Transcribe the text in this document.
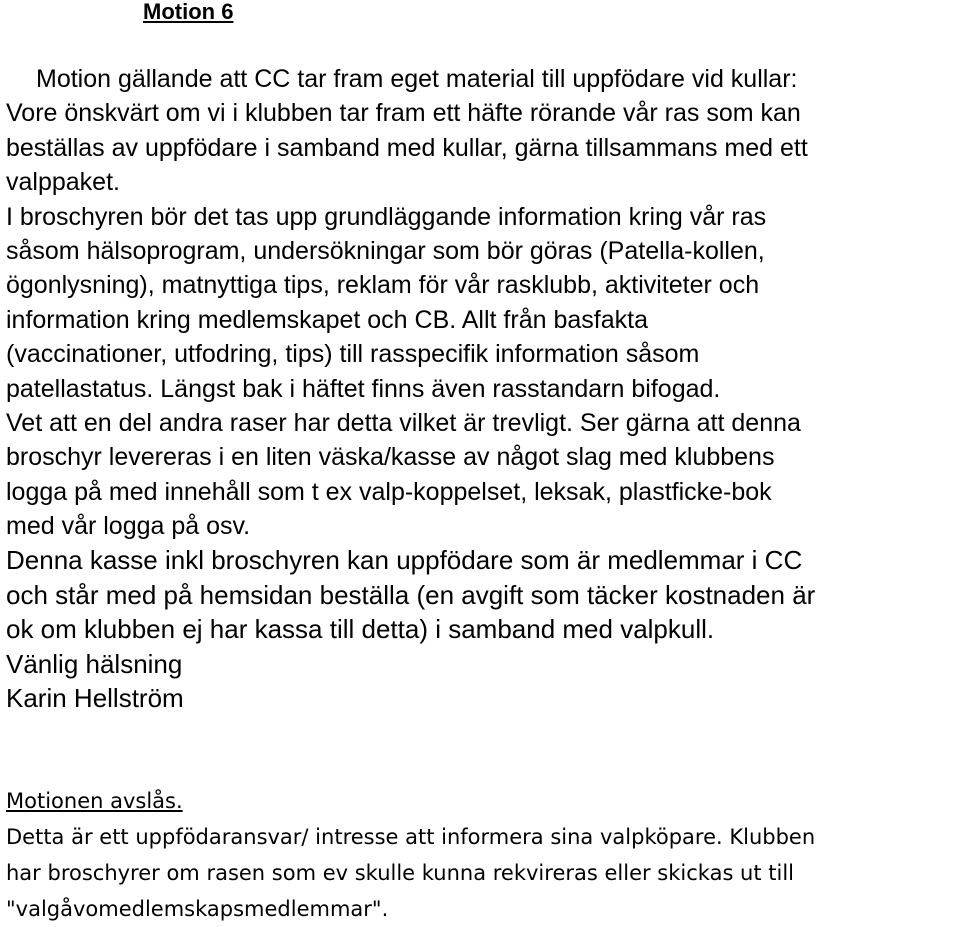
Motion 6
Motion gällande att CC tar fram eget material till uppfödare vid kullar:
Vore önskvärt om vi i klubben tar fram ett häfte rörande vår ras som kan
beställas av uppfödare i samband med kullar, gärna tillsammans med ett
valppaket.
I broschyren bör det tas upp grundläggande information kring vår ras
såsom hälsoprogram, undersökningar som bör göras (Patella-kollen,
ögonlysning), matnyttiga tips, reklam för vår rasklubb, aktiviteter och
information kring medlemskapet och CB. Allt från basfakta
(vaccinationer, utfodring, tips) till rasspecifik information såsom
patellastatus. Längst bak i häftet finns även rasstandarn bifogad.
Vet att en del andra raser har detta vilket är trevligt. Ser gärna att denna
broschyr levereras i en liten väska/kasse av något slag med klubbens
logga på med innehåll som t ex valp-koppelset, leksak, plastficke-bok
med vår logga på osv.
Denna kasse inkl broschyren kan uppfödare som är medlemmar i CC
och står med på hemsidan beställa (en avgift som täcker kostnaden är
ok om klubben ej har kassa till detta) i samband med valpkull.
Vänlig hälsning
Karin Hellström
Motionen avslås.
Detta är ett uppfödaransvar/ intresse att informera sina valpköpare. Klubben
har broschyrer om rasen som ev skulle kunna rekvireras eller skickas ut till
"valgåvomedlemskapsmedlemmar".
